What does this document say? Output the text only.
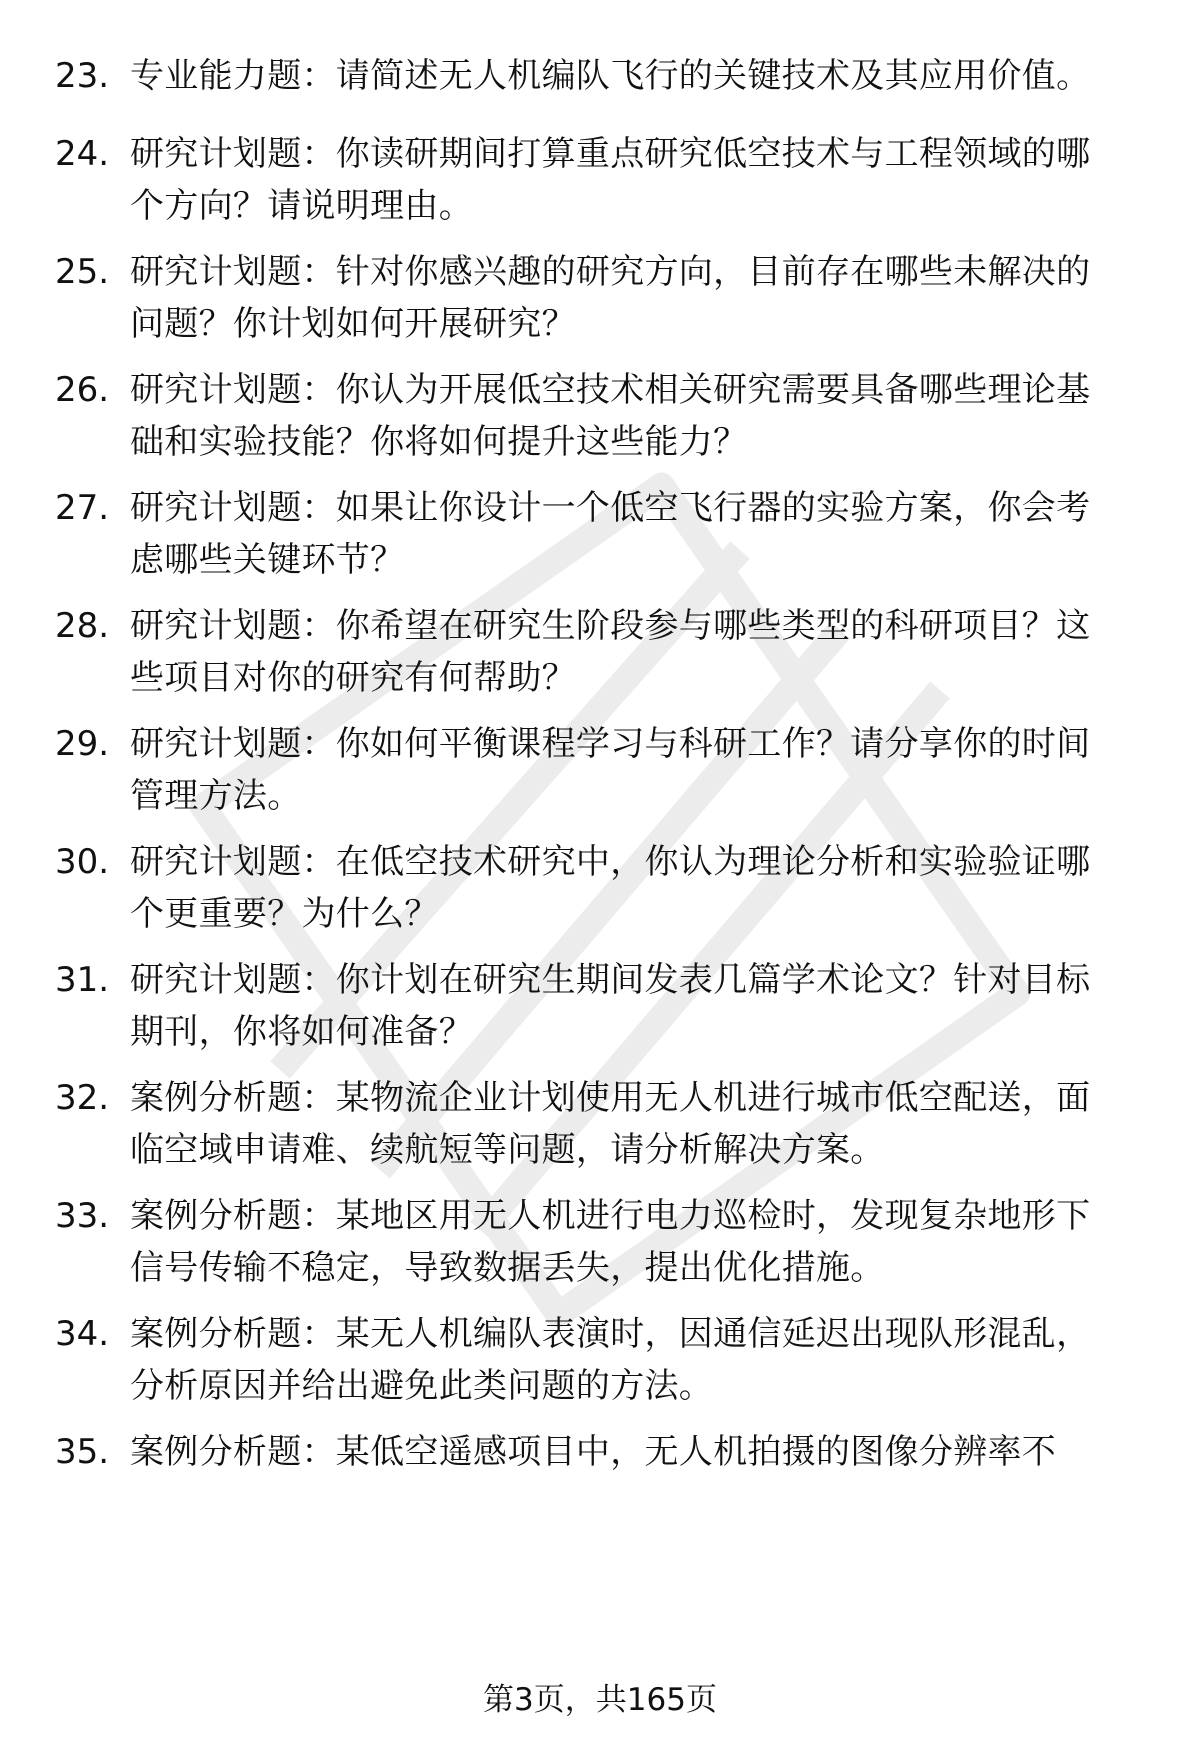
23. 专业能力题：请简述无人机编队飞行的关键技术及其应用价值。
24. 研究计划题：你读研期间打算重点研究低空技术与工程领域的哪
个方向？请说明理由。
25. 研究计划题：针对你感兴趣的研究方向，目前存在哪些未解决的
问题？你计划如何开展研究？
26. 研究计划题：你认为开展低空技术相关研究需要具备哪些理论基
础和实验技能？你将如何提升这些能力？
27. 研究计划题：如果让你设计一个低空飞行器的实验方案，你会考
虑哪些关键环节？
28. 研究计划题：你希望在研究生阶段参与哪些类型的科研项目？这
些项目对你的研究有何帮助？
29. 研究计划题：你如何平衡课程学习与科研工作？请分享你的时间
管理方法。
30. 研究计划题：在低空技术研究中，你认为理论分析和实验验证哪
个更重要？为什么？
31. 研究计划题：你计划在研究生期间发表几篇学术论文？针对目标
期刊，你将如何准备？
32. 案例分析题：某物流企业计划使用无人机进行城市低空配送，面
临空域申请难、续航短等问题，请分析解决方案。
33. 案例分析题：某地区用无人机进行电力巡检时，发现复杂地形下
信号传输不稳定，导致数据丢失，提出优化措施。
34. 案例分析题：某无人机编队表演时，因通信延迟出现队形混乱，
分析原因并给出避免此类问题的方法。
35. 案例分析题：某低空遥感项目中，无人机拍摄的图像分辨率不
第3页，共165页
